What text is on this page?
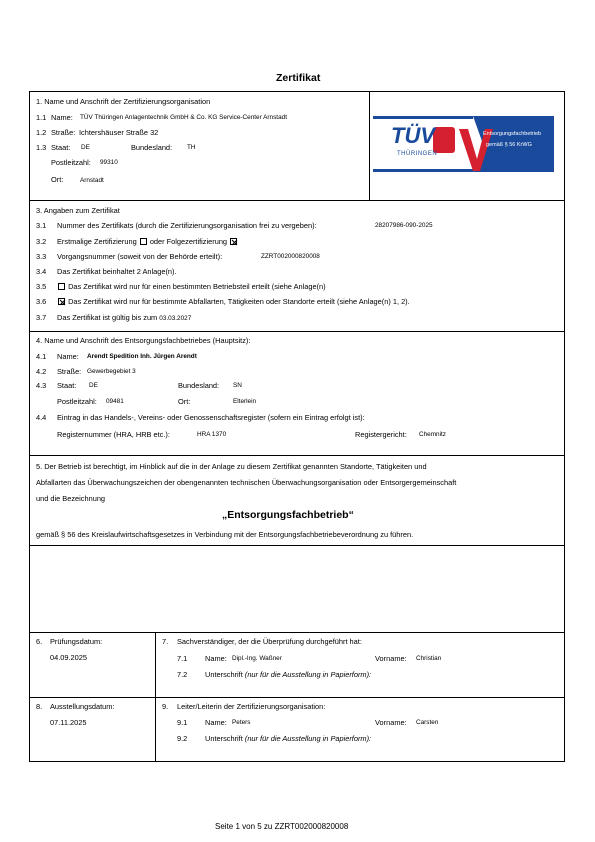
Zertifikat
1. Name und Anschrift der Zertifizierungsorganisation
1.1 Name: TÜV Thüringen Anlagentechnik GmbH & Co. KG Service-Center Arnstadt
1.2 Straße: Ichtershäuser Straße 32
1.3 Staat: DE	Bundesland: TH
Postleitzahl: 99310
Ort:	Arnstadt
TÜV
THÜRINGEN
Entsorgungsfachbetrieb
gemäß § 56 KrWG
3. Angaben zum Zertifikat
3.1 Nummer des Zertifikats (durch die Zertifizierungsorganisation frei zu vergeben):	28207986-090-2025
3.2 Erstmalige Zertifizierung oder Folgezertifizierung
3.3 Vorgangsnummer (soweit von der Behörde erteilt):	ZZRT002000820008
3.4 Das Zertifikat beinhaltet 2 Anlage(n).
3.5	Das Zertifikat wird nur für einen bestimmten Betriebsteil erteilt (siehe Anlage(n)
3.6	Das Zertifikat wird nur für bestimmte Abfallarten, Tätigkeiten oder Standorte erteilt (siehe Anlage(n) 1, 2).
3.7 Das Zertifikat ist gültig bis zum 03.03.2027
4. Name und Anschrift des Entsorgungsfachbetriebes (Hauptsitz):
4.1 Name: Arendt Spedition Inh. Jürgen Arendt
4.2 Straße: Gewerbegebiet 3
4.3 Staat: DE	Bundesland: SN
Postleitzahl: 09481	Ort:	Elterlein
4.4 Eintrag in das Handels-, Vereins- oder Genossenschaftsregister (sofern ein Eintrag erfolgt ist):
Registernummer (HRA, HRB etc.):	HRA 1370	Registergericht: Chemnitz
5. Der Betrieb ist berechtigt, im Hinblick auf die in der Anlage zu diesem Zertifikat genannten Standorte, Tätigkeiten und
Abfallarten das Überwachungszeichen der obengenannten technischen Überwachungsorganisation oder Entsorgergemeinschaft
und die Bezeichnung
„Entsorgungsfachbetrieb“
gemäß § 56 des Kreislaufwirtschaftsgesetzes in Verbindung mit der Entsorgungsfachbetriebeverordnung zu führen.
6. Prüfungsdatum:
04.09.2025
7. Sachverständiger, der die Überprüfung durchgeführt hat:
7.1 Name: Dipl.-Ing. Waßner	Vorname: Christian
7.2 Unterschrift (nur für die Ausstellung in Papierform):
8. Ausstellungsdatum:
07.11.2025
9. Leiter/Leiterin der Zertifizierungsorganisation:
9.1 Name: Peters	Vorname: Carsten
9.2 Unterschrift (nur für die Ausstellung in Papierform):
Seite 1 von 5 zu ZZRT002000820008
